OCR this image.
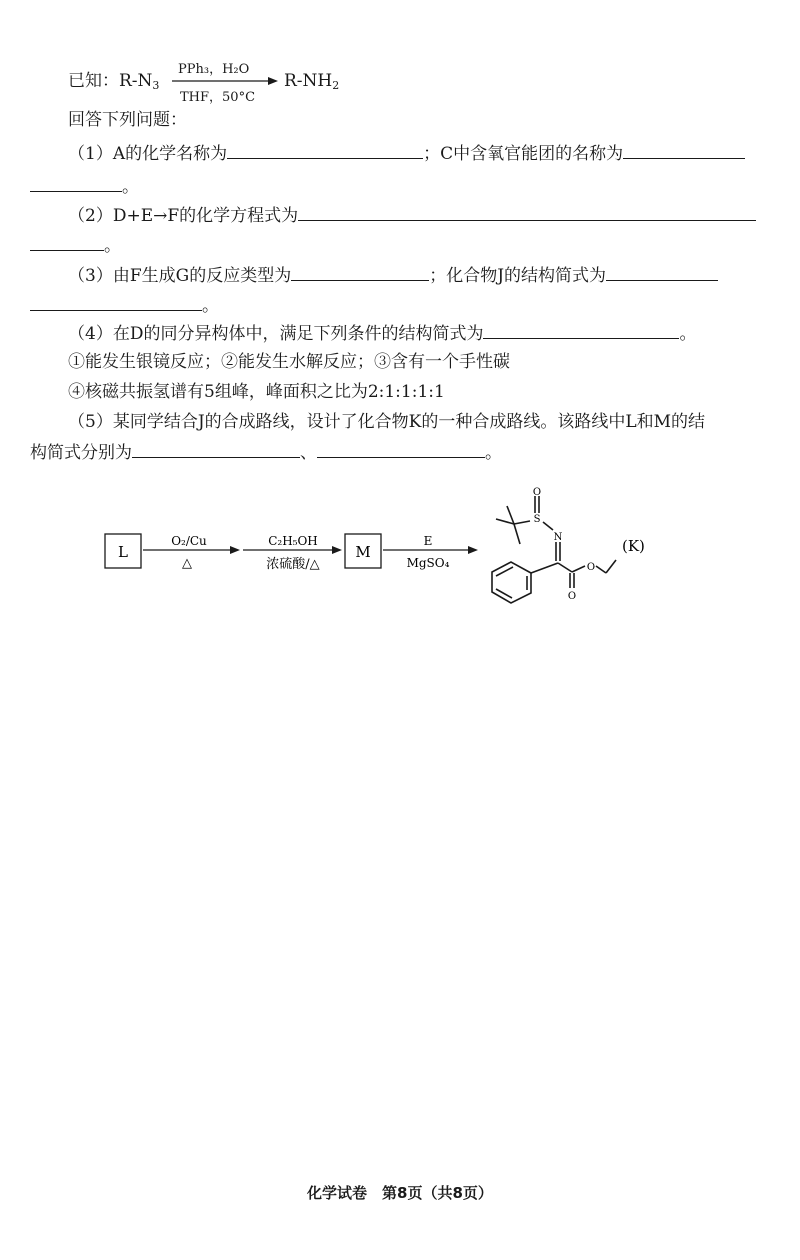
已知：$R-N_3$
PPh₃，H₂O
THF，50°C
$R-NH_2$
回答下列问题：
（1）A的化学名称为	；C中含氧官能团的名称为
。
（2）D+E→F的化学方程式为
。
（3）由F生成G的反应类型为	；化合物J的结构简式为
。
（4）在D的同分异构体中，满足下列条件的结构简式为	。
①能发生银镜反应；②能发生水解反应；③含有一个手性碳
④核磁共振氢谱有5组峰，峰面积之比为2:1:1:1:1
（5）某同学结合J的合成路线，设计了化合物K的一种合成路线。该路线中L和M的结
构简式分别为	、	。
L
O₂/Cu
△
C₂H₅OH
浓硫酸/△
M
E
MgSO₄
O
S
N
O
O
(K)
化学试卷　第8页（共8页）
